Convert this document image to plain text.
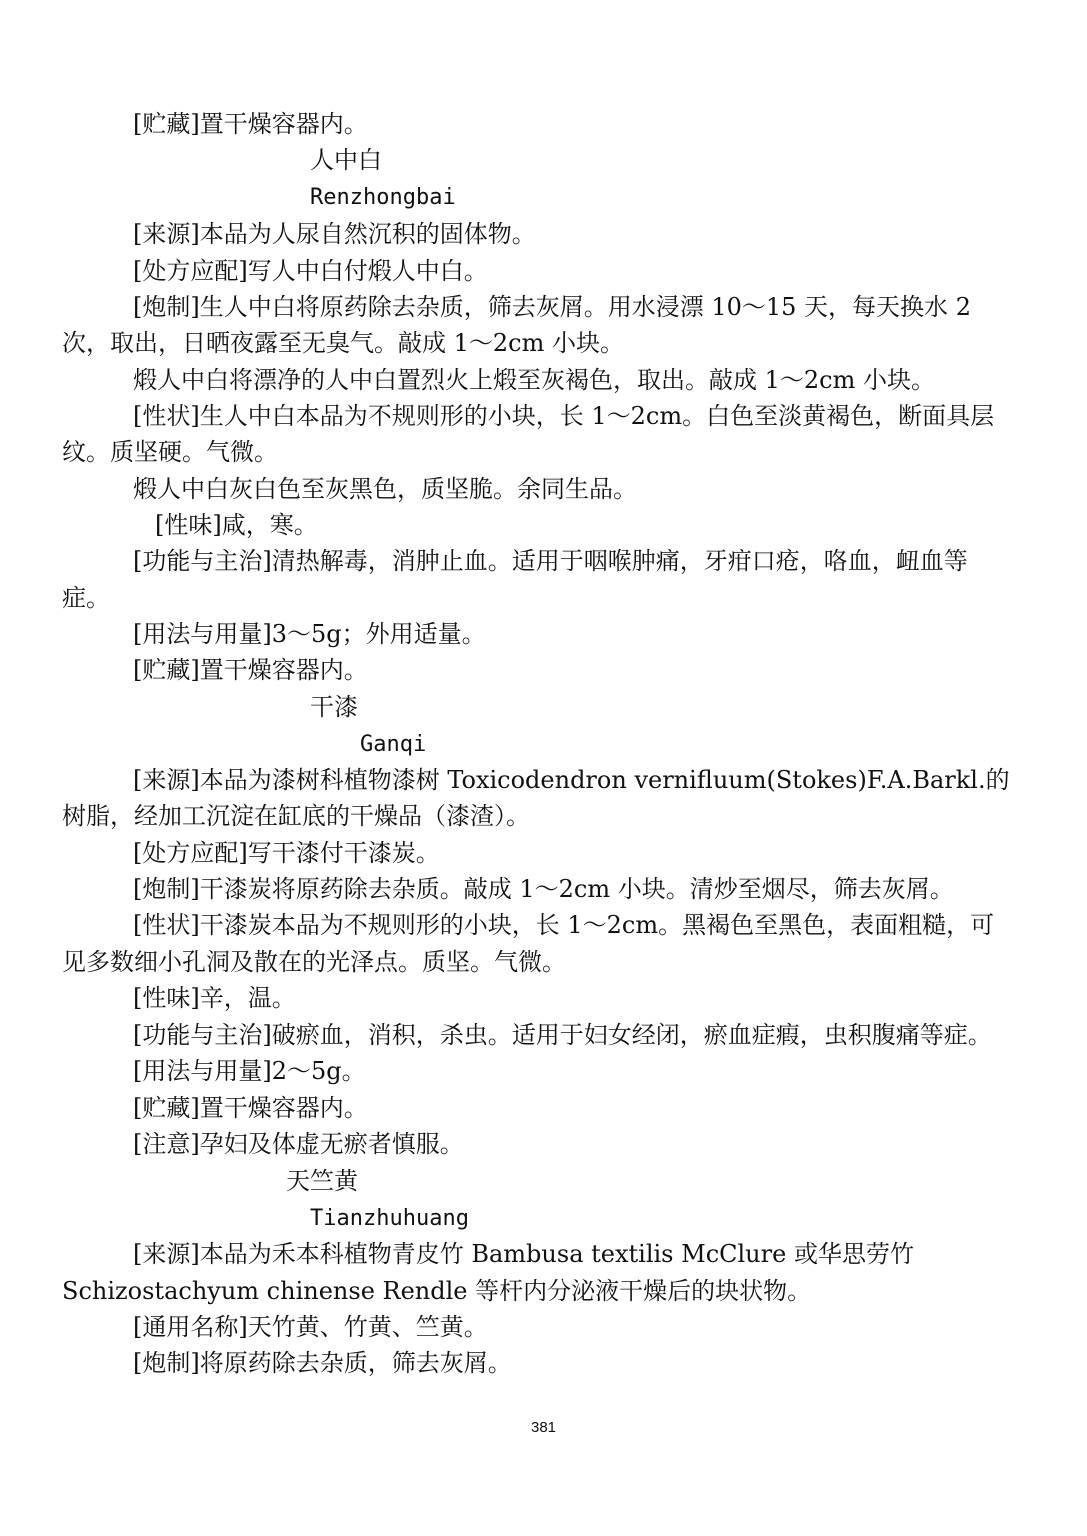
[贮藏]置干燥容器内。
人中白
Renzhongbai
[来源]本品为人尿自然沉积的固体物。
[处方应配]写人中白付煅人中白。
[炮制]生人中白将原药除去杂质，筛去灰屑。用水浸漂 10～15 天，每天换水 2
次，取出，日晒夜露至无臭气。敲成 1～2cm 小块。
煅人中白将漂净的人中白置烈火上煅至灰褐色，取出。敲成 1～2cm 小块。
[性状]生人中白本品为不规则形的小块，长 1～2cm。白色至淡黄褐色，断面具层
纹。质坚硬。气微。
煅人中白灰白色至灰黑色，质坚脆。余同生品。
[性味]咸，寒。
[功能与主治]清热解毒，消肿止血。适用于咽喉肿痛，牙疳口疮，咯血，衄血等
症。
[用法与用量]3～5g；外用适量。
[贮藏]置干燥容器内。
干漆
Ganqi
[来源]本品为漆树科植物漆树 Toxicodendron vernifluum(Stokes)F.A.Barkl.的
树脂，经加工沉淀在缸底的干燥品（漆渣）。
[处方应配]写干漆付干漆炭。
[炮制]干漆炭将原药除去杂质。敲成 1～2cm 小块。清炒至烟尽，筛去灰屑。
[性状]干漆炭本品为不规则形的小块，长 1～2cm。黑褐色至黑色，表面粗糙，可
见多数细小孔洞及散在的光泽点。质坚。气微。
[性味]辛，温。
[功能与主治]破瘀血，消积，杀虫。适用于妇女经闭，瘀血症瘕，虫积腹痛等症。
[用法与用量]2～5g。
[贮藏]置干燥容器内。
[注意]孕妇及体虚无瘀者慎服。
天竺黄
Tianzhuhuang
[来源]本品为禾本科植物青皮竹 Bambusa textilis McClure 或华思劳竹
Schizostachyum chinense Rendle 等杆内分泌液干燥后的块状物。
[通用名称]天竹黄、竹黄、竺黄。
[炮制]将原药除去杂质，筛去灰屑。
381
